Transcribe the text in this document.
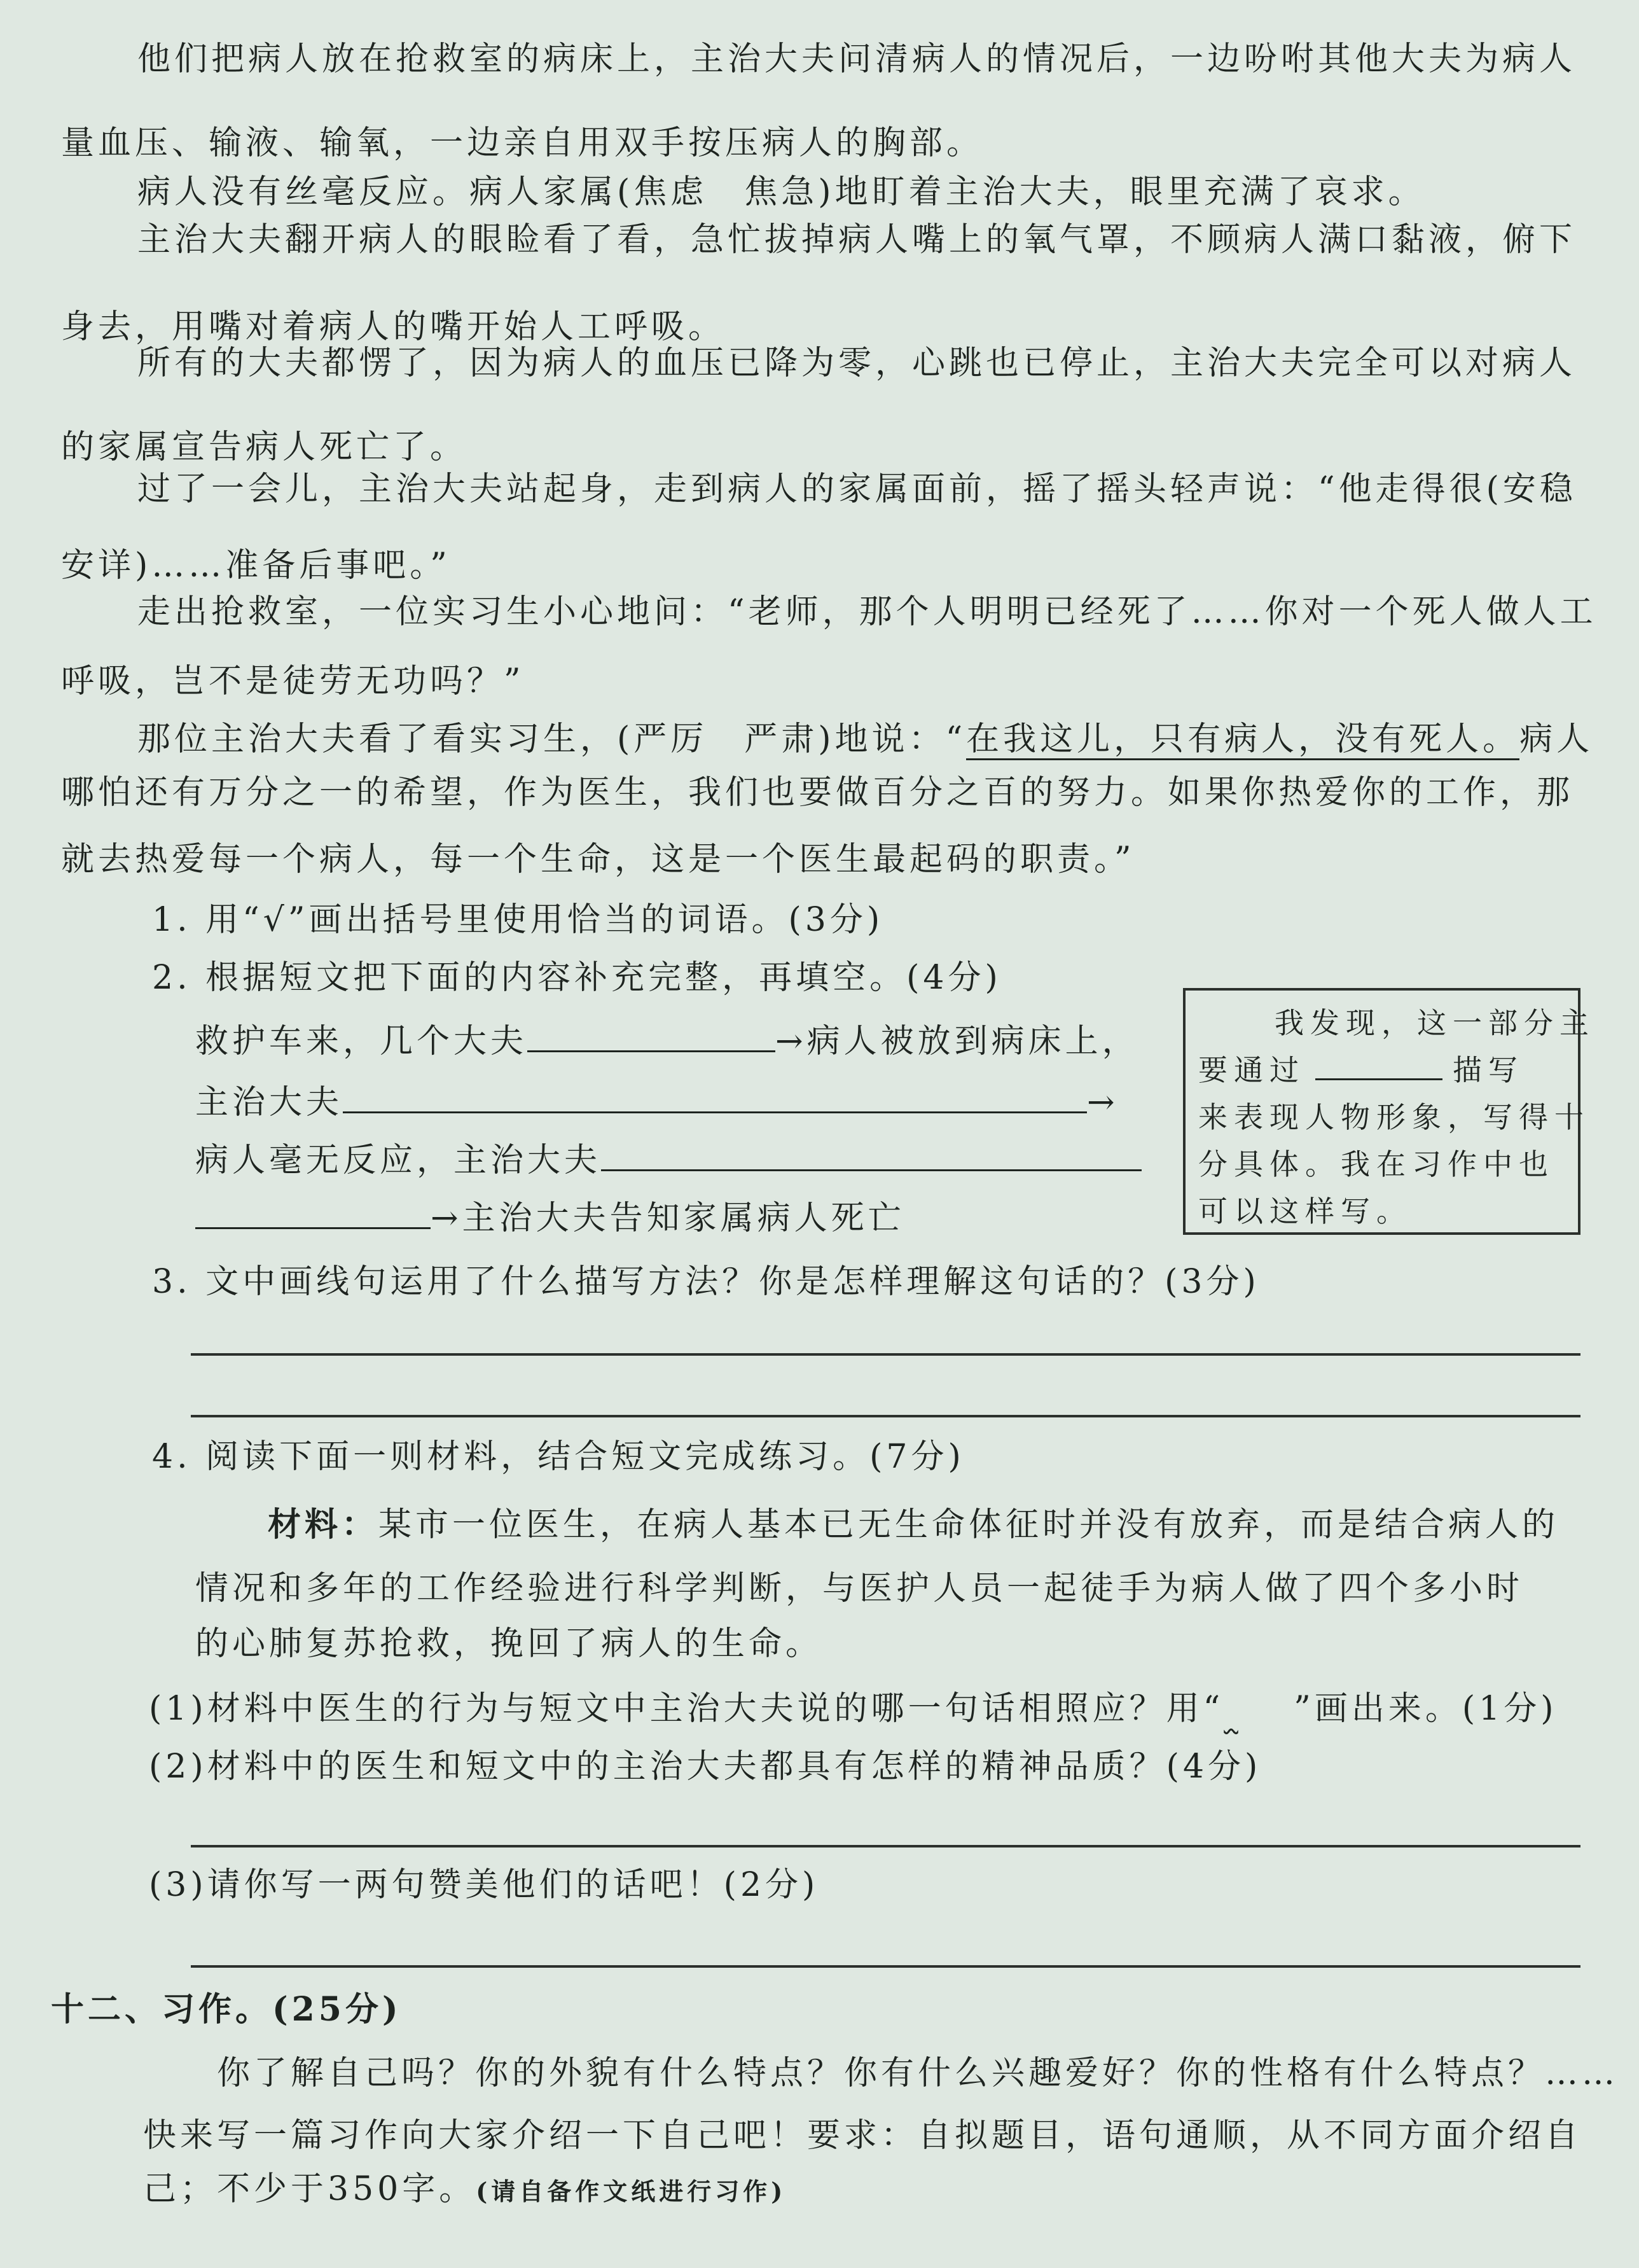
他们把病人放在抢救室的病床上，主治大夫问清病人的情况后，一边吩咐其他大夫为病人
量血压、输液、输氧，一边亲自用双手按压病人的胸部。
病人没有丝毫反应。病人家属(焦虑　焦急)地盯着主治大夫，眼里充满了哀求。
主治大夫翻开病人的眼睑看了看，急忙拔掉病人嘴上的氧气罩，不顾病人满口黏液，俯下
身去，用嘴对着病人的嘴开始人工呼吸。
所有的大夫都愣了，因为病人的血压已降为零，心跳也已停止，主治大夫完全可以对病人
的家属宣告病人死亡了。
过了一会儿，主治大夫站起身，走到病人的家属面前，摇了摇头轻声说：“他走得很(安稳
安详)……准备后事吧。”
走出抢救室，一位实习生小心地问：“老师，那个人明明已经死了……你对一个死人做人工
呼吸，岂不是徒劳无功吗？”
那位主治大夫看了看实习生，(严厉　严肃)地说：“在我这儿，只有病人，没有死人。病人
哪怕还有万分之一的希望，作为医生，我们也要做百分之百的努力。如果你热爱你的工作，那
就去热爱每一个病人，每一个生命，这是一个医生最起码的职责。”
1. 用“√”画出括号里使用恰当的词语。(3分)
2. 根据短文把下面的内容补充完整，再填空。(4分)
救护车来，几个大夫	→病人被放到病床上，
主治大夫	→
病人毫无反应，主治大夫
→主治大夫告知家属病人死亡
我发现，这一部分主
要通过	描写
来表现人物形象，写得十
分具体。我在习作中也
可以这样写。
3. 文中画线句运用了什么描写方法？你是怎样理解这句话的？(3分)
4. 阅读下面一则材料，结合短文完成练习。(7分)
材料：某市一位医生，在病人基本已无生命体征时并没有放弃，而是结合病人的
情况和多年的工作经验进行科学判断，与医护人员一起徒手为病人做了四个多小时
的心肺复苏抢救，挽回了病人的生命。
(1)材料中医生的行为与短文中主治大夫说的哪一句话相照应？用“ ”画出来。(1分)
(2)材料中的医生和短文中的主治大夫都具有怎样的精神品质？(4分)
(3)请你写一两句赞美他们的话吧！(2分)
十二、习作。(25分)
你了解自己吗？你的外貌有什么特点？你有什么兴趣爱好？你的性格有什么特点？……
快来写一篇习作向大家介绍一下自己吧！要求：自拟题目，语句通顺，从不同方面介绍自
己；不少于350字。(请自备作文纸进行习作)
